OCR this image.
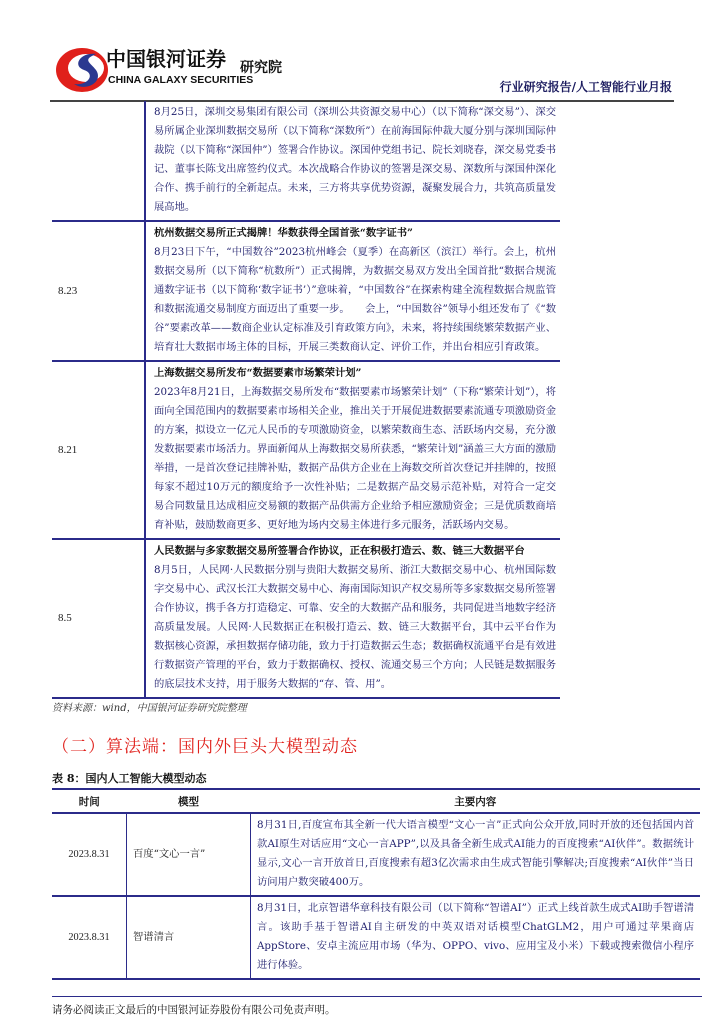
中国银河证券
CHINA GALAXY SECURITIES
研究院
行业研究报告/人工智能行业月报

	8月25日，深圳交易集团有限公司（深圳公共资源交易中心）（以下简称“深交易”）、深交易所属企业深圳数据交易所（以下简称“深数所”）在前海国际仲裁大厦分别与深圳国际仲裁院（以下简称“深国仲”）签署合作协议。深国仲党组书记、院长刘晓春，深交易党委书记、董事长陈戈出席签约仪式。本次战略合作协议的签署是深交易、深数所与深国仲深化合作、携手前行的全新起点。未来，三方将共享优势资源，凝聚发展合力，共筑高质量发展高地。

8.23	杭州数据交易所正式揭牌！华数获得全国首张“数字证书”
8月23日下午，“中国数谷”2023杭州峰会（夏季）在高新区（滨江）举行。会上，杭州数据交易所（以下简称“杭数所”）正式揭牌，为数据交易双方发出全国首批“数据合规流通数字证书（以下简称‘数字证书’）”意味着，“中国数谷”在探索构建全流程数据合规监管和数据流通交易制度方面迈出了重要一步。　　会上，“中国数谷”领导小组还发布了《“数谷”要素改革——数商企业认定标准及引育政策方向》，未来，将持续围绕繁荣数据产业、培育壮大数据市场主体的目标，开展三类数商认定、评价工作，并出台相应引育政策。

8.21	上海数据交易所发布“数据要素市场繁荣计划”
2023年8月21日，上海数据交易所发布“数据要素市场繁荣计划”（下称“繁荣计划”），将面向全国范围内的数据要素市场相关企业，推出关于开展促进数据要素流通专项激励资金的方案，拟设立一亿元人民币的专项激励资金，以繁荣数商生态、活跃场内交易，充分激发数据要素市场活力。界面新闻从上海数据交易所获悉，“繁荣计划”涵盖三大方面的激励举措，一是首次登记挂牌补贴，数据产品供方企业在上海数交所首次登记并挂牌的，按照每家不超过10万元的额度给予一次性补贴；二是数据产品交易示范补贴，对符合一定交易合同数量且达成相应交易额的数据产品供需方企业给予相应激励资金；三是优质数商培育补贴，鼓励数商更多、更好地为场内交易主体进行多元服务，活跃场内交易。

8.5	人民数据与多家数据交易所签署合作协议，正在积极打造云、数、链三大数据平台
8月5日，人民网·人民数据分别与贵阳大数据交易所、浙江大数据交易中心、杭州国际数字交易中心、武汉长江大数据交易中心、海南国际知识产权交易所等多家数据交易所签署合作协议，携手各方打造稳定、可靠、安全的大数据产品和服务，共同促进当地数字经济高质量发展。人民网·人民数据正在积极打造云、数、链三大数据平台，其中云平台作为数据核心资源，承担数据存储功能，致力于打造数据云生态；数据确权流通平台是有效进行数据资产管理的平台，致力于数据确权、授权、流通交易三个方向；人民链是数据服务的底层技术支持，用于服务大数据的“存、管、用”。
资料来源：wind，中国银河证券研究院整理
（二）算法端：国内外巨头大模型动态
表 8：国内人工智能大模型动态
时间	模型	主要内容
2023.8.31	百度“文心一言”	8月31日,百度宣布其全新一代大语言模型“文心一言”正式向公众开放,同时开放的还包括国内首款AI原生对话应用“文心一言APP”,以及具备全新生成式AI能力的百度搜索“AI伙伴”。数据统计显示,文心一言开放首日,百度搜索有超3亿次需求由生成式智能引擎解决;百度搜索“AI伙伴”当日访问用户数突破400万。
2023.8.31	智谱清言	8月31日，北京智谱华章科技有限公司（以下简称“智谱AI”）正式上线首款生成式AI助手智谱清言。该助手基于智谱AI自主研发的中英双语对话模型ChatGLM2，用户可通过苹果商店AppStore、安卓主流应用市场（华为、OPPO、vivo、应用宝及小米）下载或搜索微信小程序进行体验。
请务必阅读正文最后的中国银河证券股份有限公司免责声明。
